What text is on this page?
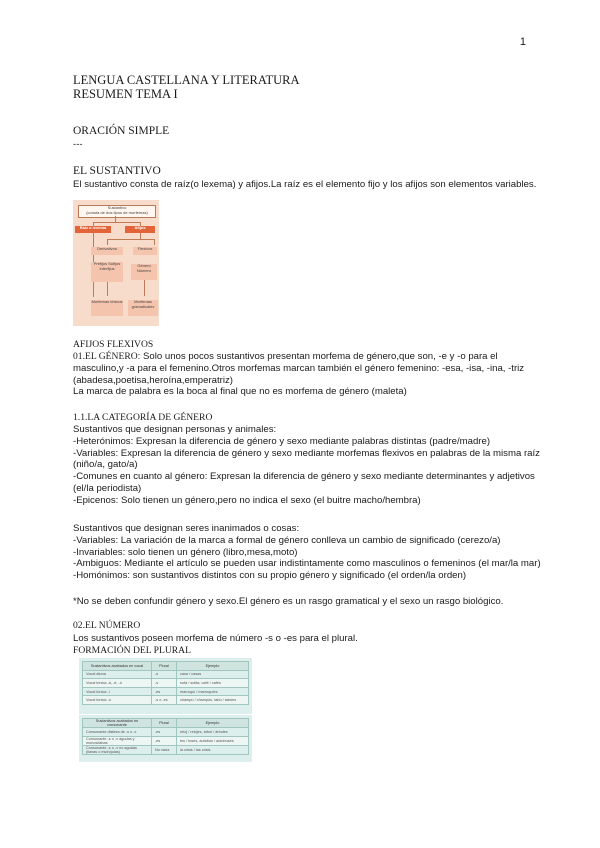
1
LENGUA CASTELLANA Y LITERATURA
RESUMEN TEMA I
ORACIÓN SIMPLE
---
EL SUSTANTIVO
El sustantivo consta de raíz(o lexema) y afijos.La raíz es el elemento fijo y los afijos son elementos variables.
Sustantivo
(consta de dos tipos de morfemas)
Raíz o lexema	Afijos
Derivativos	Flexivos
Prefijos Sufijos Interfijos
Género Número
Morfemas léxicos	Morfemas gramaticales
AFIJOS FLEXIVOS
01.EL GÉNERO: Solo unos pocos sustantivos presentan morfema de género,que son, -e y -o para el
masculino,y -a para el femenino.Otros morfemas marcan también el género femenino: -esa, -isa, -ina, -triz
(abadesa,poetisa,heroína,emperatriz)
La marca de palabra es la boca al final que no es morfema de género (maleta)
1.1.LA CATEGORÍA DE GÉNERO
Sustantivos que designan personas y animales:
-Heterónimos: Expresan la diferencia de género y sexo mediante palabras distintas (padre/madre)
-Variables: Expresan la diferencia de género y sexo mediante morfemas flexivos en palabras de la misma raíz
(niño/a, gato/a)
-Comunes en cuanto al género: Expresan la diferencia de género y sexo mediante determinantes y adjetivos
(el/la periodista)
-Epicenos: Solo tienen un género,pero no indica el sexo (el buitre macho/hembra)
Sustantivos que designan seres inanimados o cosas:
-Variables: La variación de la marca a formal de género conlleva un cambio de significado (cerezo/a)
-Invariables: solo tienen un género (libro,mesa,moto)
-Ambiguos: Mediante el artículo se pueden usar indistintamente como masculinos o femeninos (el mar/la mar)
-Homónimos: son sustantivos distintos con su propio género y significado (el orden/la orden)
*No se deben confundir género y sexo.El género es un rasgo gramatical y el sexo un rasgo biológico.
02.EL NÚMERO
Los sustantivos poseen morfema de número -s o -es para el plural.
FORMACIÓN DEL PLURAL
Sustantivos acabados en vocal	Plural	Ejemplo
Vocal átona	-s	casa / casas
Vocal tónica -á, -é, -ó	-s	sofá / sofás, café / cafés
Vocal tónica -í	-es	marroquí / marroquíes
Vocal tónica -ú	-s o -es	champú / champús, tabú / tabúes
Sustantivos acabados en consonante	Plural	Ejemplo
Consonante distinta de -s o -x	-es	reloj / relojes, árbol / árboles
Consonante -s o -x agudas y monosílabas	-es	tos / toses, autobús / autobuses
Consonante -s o -x no agudas (llanas o esdrújulas)	No varía	la crisis / las crisis
